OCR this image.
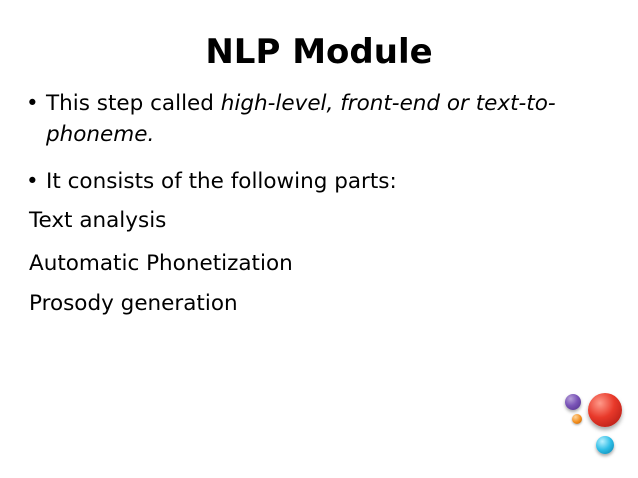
NLP Module
• This step called high-level, front-end or text-to-phoneme.
• It consists of the following parts:
Text analysis
Automatic Phonetization
Prosody generation
